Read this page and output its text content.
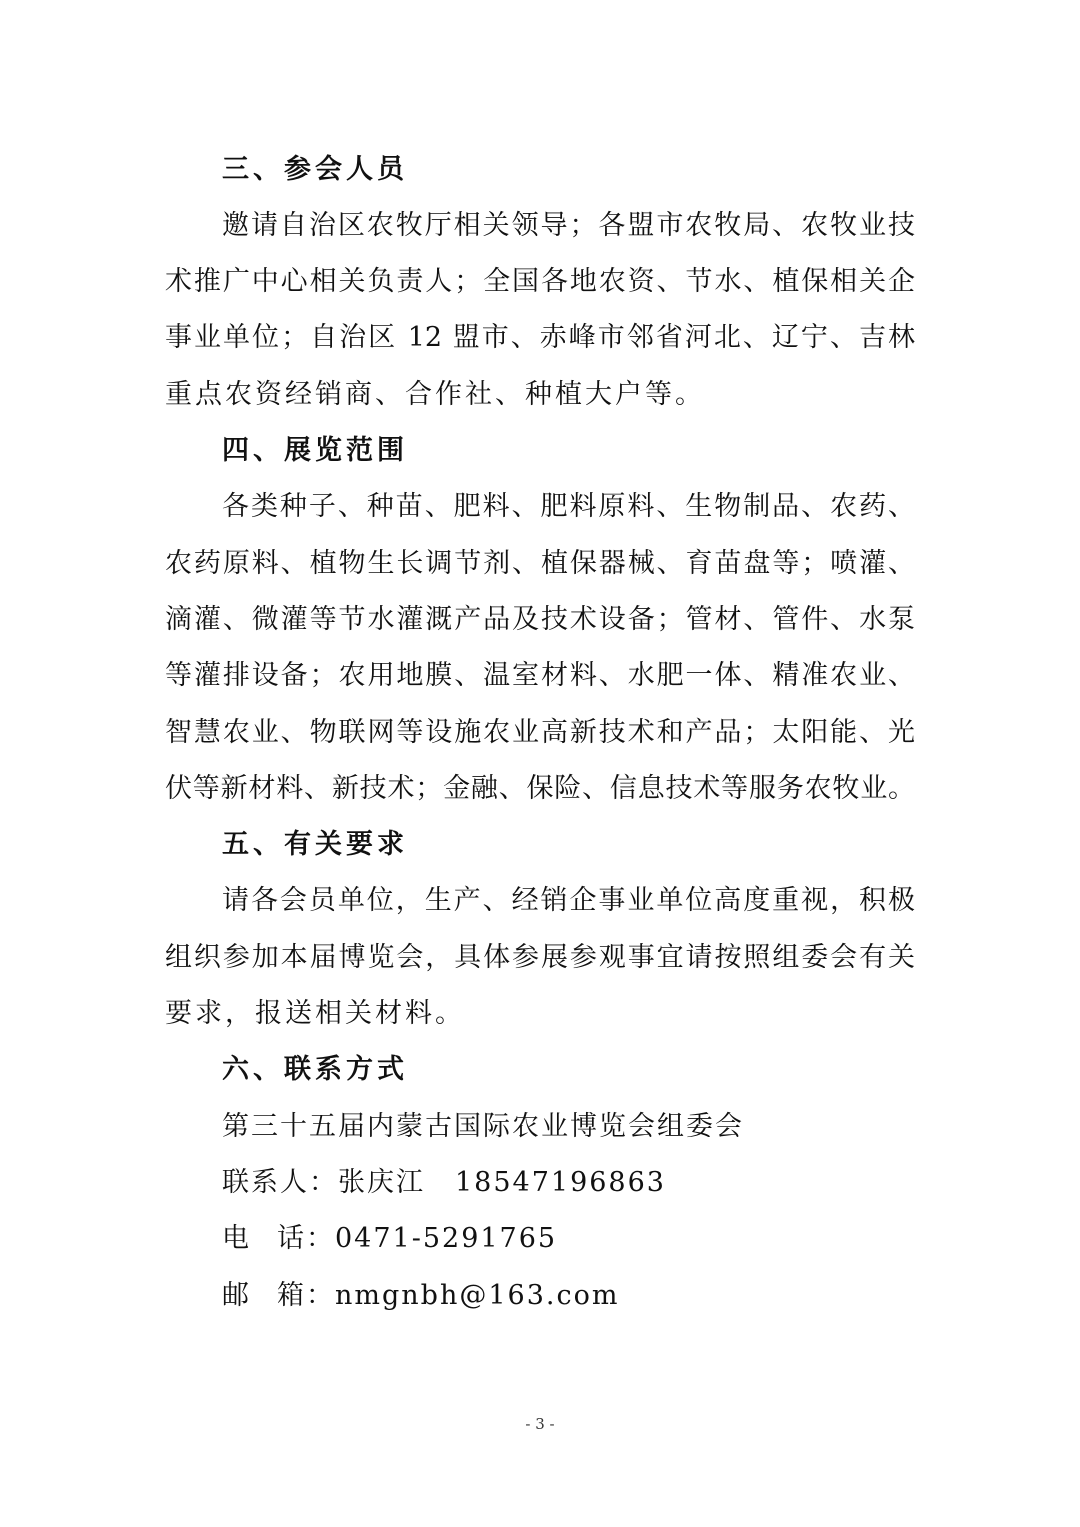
三、参会人员
邀请自治区农牧厅相关领导；各盟市农牧局、农牧业技
术推广中心相关负责人；全国各地农资、节水、植保相关企
事业单位；自治区 12 盟市、赤峰市邻省河北、辽宁、吉林
重点农资经销商、合作社、种植大户等。
四、展览范围
各类种子、种苗、肥料、肥料原料、生物制品、农药、
农药原料、植物生长调节剂、植保器械、育苗盘等；喷灌、
滴灌、微灌等节水灌溉产品及技术设备；管材、管件、水泵
等灌排设备；农用地膜、温室材料、水肥一体、精准农业、
智慧农业、物联网等设施农业高新技术和产品；太阳能、光
伏等新材料、新技术；金融、保险、信息技术等服务农牧业。
五、有关要求
请各会员单位，生产、经销企事业单位高度重视，积极
组织参加本届博览会，具体参展参观事宜请按照组委会有关
要求，报送相关材料。
六、联系方式
第三十五届内蒙古国际农业博览会组委会
联系人：张庆江 18547196863
电 话：0471-5291765
邮 箱：nmgnbh@163.com
- 3 -
